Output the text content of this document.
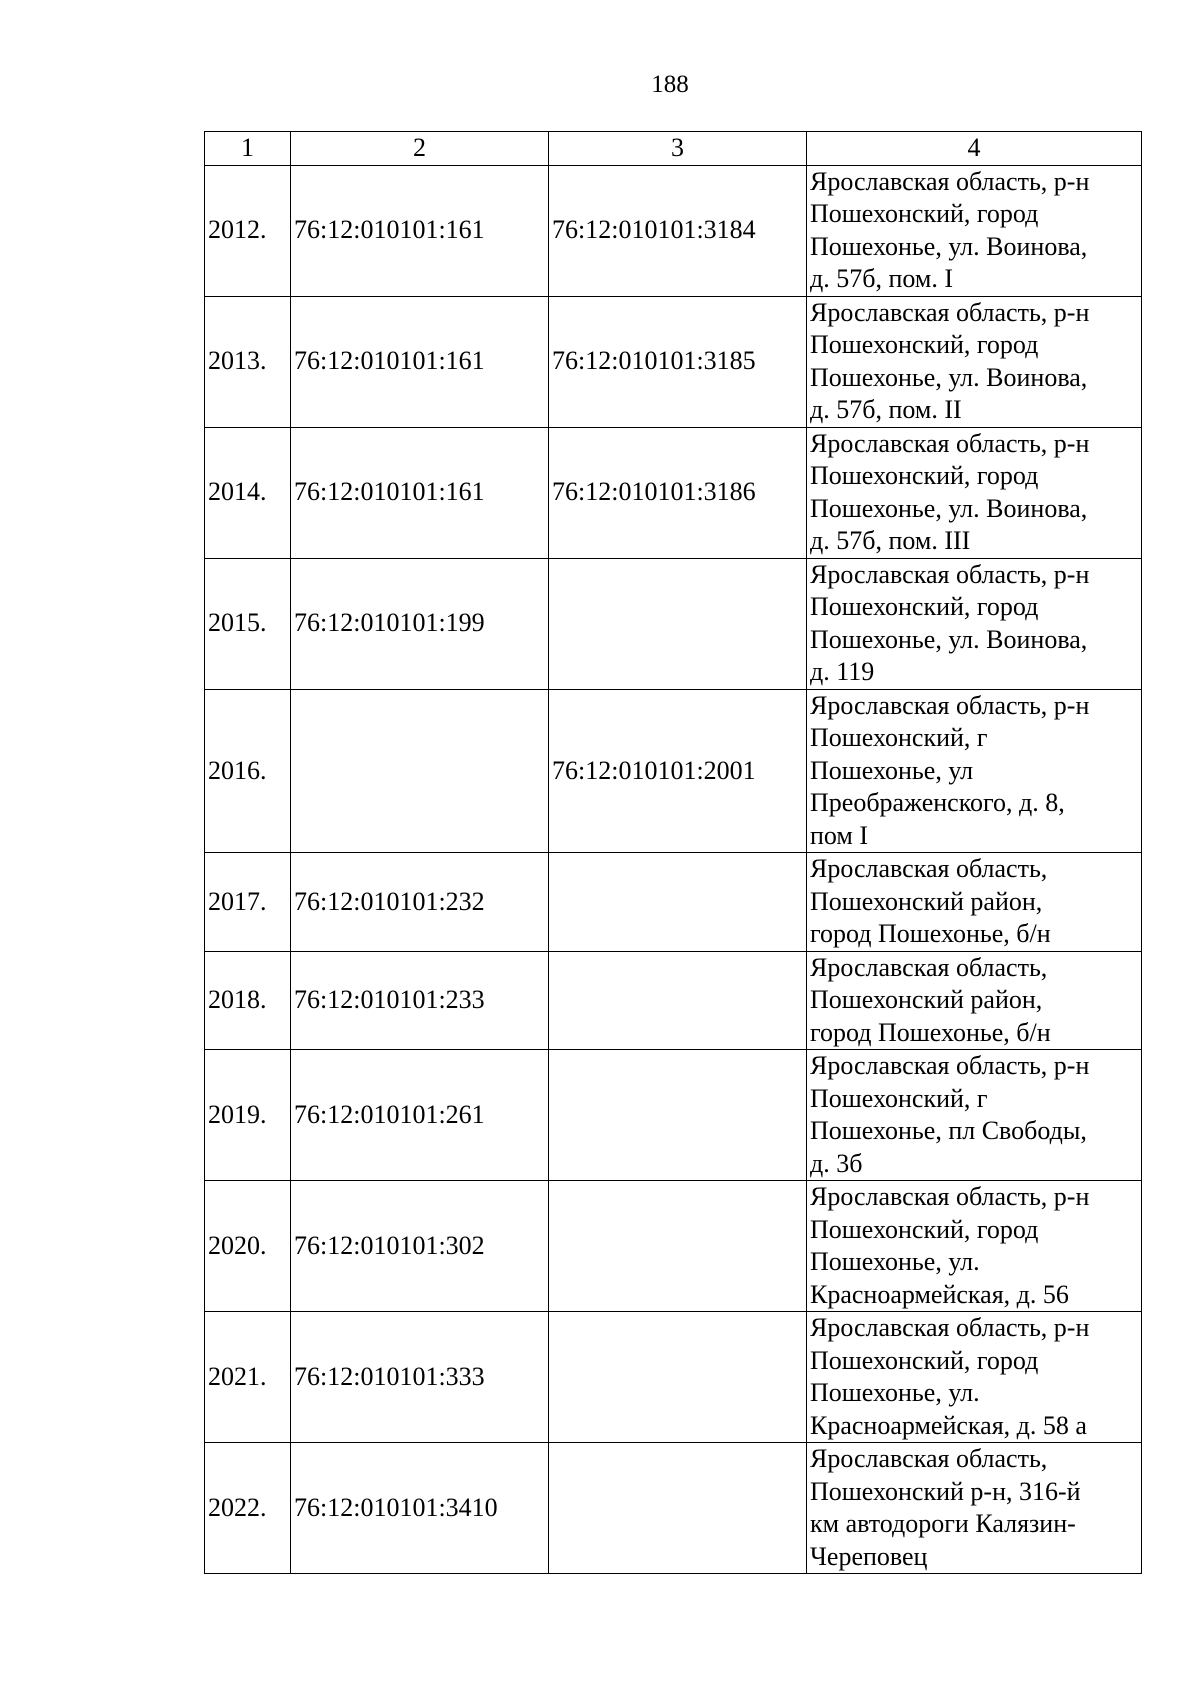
188
1	2	3	4
2012.	76:12:010101:161	76:12:010101:3184	Ярославская область, р-н
Пошехонский, город
Пошехонье, ул. Воинова,
д. 57б, пом. I

2013.	76:12:010101:161	76:12:010101:3185	Ярославская область, р-н
Пошехонский, город
Пошехонье, ул. Воинова,
д. 57б, пом. II

2014.	76:12:010101:161	76:12:010101:3186	Ярославская область, р-н
Пошехонский, город
Пошехонье, ул. Воинова,
д. 57б, пом. III

2015.	76:12:010101:199		Ярославская область, р-н
Пошехонский, город
Пошехонье, ул. Воинова,
д. 119

2016.		76:12:010101:2001	Ярославская область, р-н
Пошехонский, г
Пошехонье, ул
Преображенского, д. 8,
пом I

2017.	76:12:010101:232		Ярославская область,
Пошехонский район,
город Пошехонье, б/н

2018.	76:12:010101:233		Ярославская область,
Пошехонский район,
город Пошехонье, б/н

2019.	76:12:010101:261		Ярославская область, р-н
Пошехонский, г
Пошехонье, пл Свободы,
д. 3б

2020.	76:12:010101:302		Ярославская область, р-н
Пошехонский, город
Пошехонье, ул.
Красноармейская, д. 56

2021.	76:12:010101:333		Ярославская область, р-н
Пошехонский, город
Пошехонье, ул.
Красноармейская, д. 58 а

2022.	76:12:010101:3410		Ярославская область,
Пошехонский р-н, 316-й
км автодороги Калязин-
Череповец
